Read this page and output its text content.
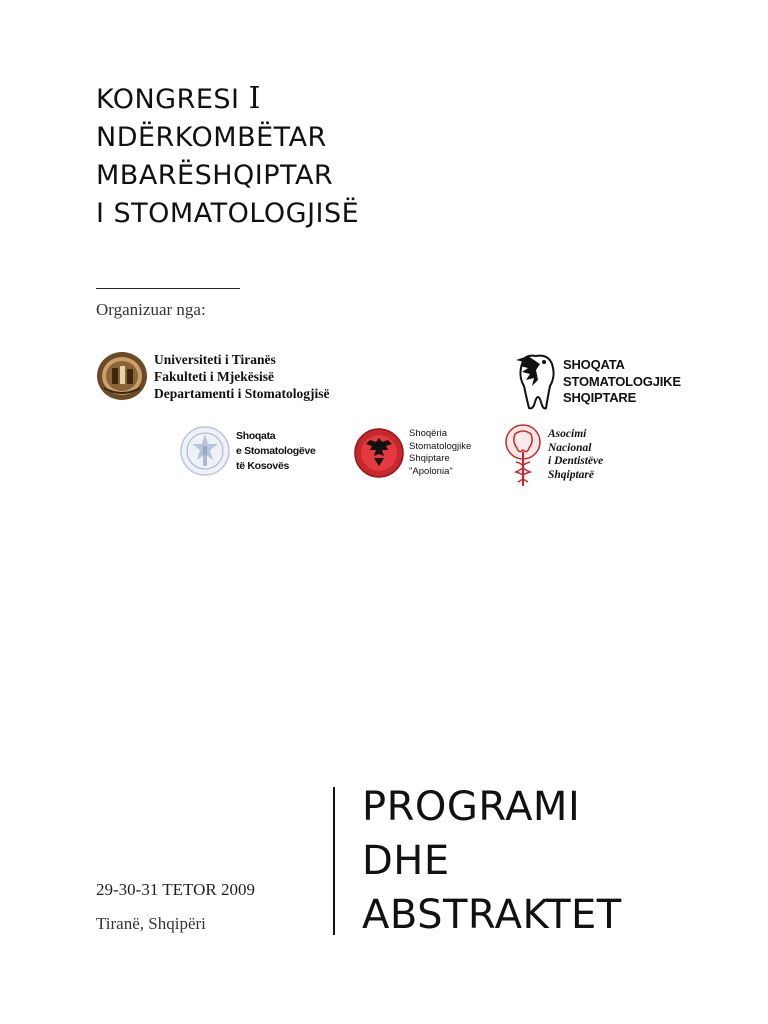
KONGRESI I
NDËRKOMBËTAR
MBARËSHQIPTAR
I STOMATOLOGJISË
Organizuar nga:
Universiteti i Tiranës
Fakulteti i Mjekësisë
Departamenti i Stomatologjisë
SHOQATA
STOMATOLOGJIKE
SHQIPTARE
Shoqata
e Stomatologëve
të Kosovës
Shoqëria
Stomatologjike
Shqiptare
"Apolonia"
Asocimi
Nacional
i Dentistëve
Shqiptarë
29-30-31 TETOR 2009
Tiranë, Shqipëri
PROGRAMI
DHE
ABSTRAKTET
